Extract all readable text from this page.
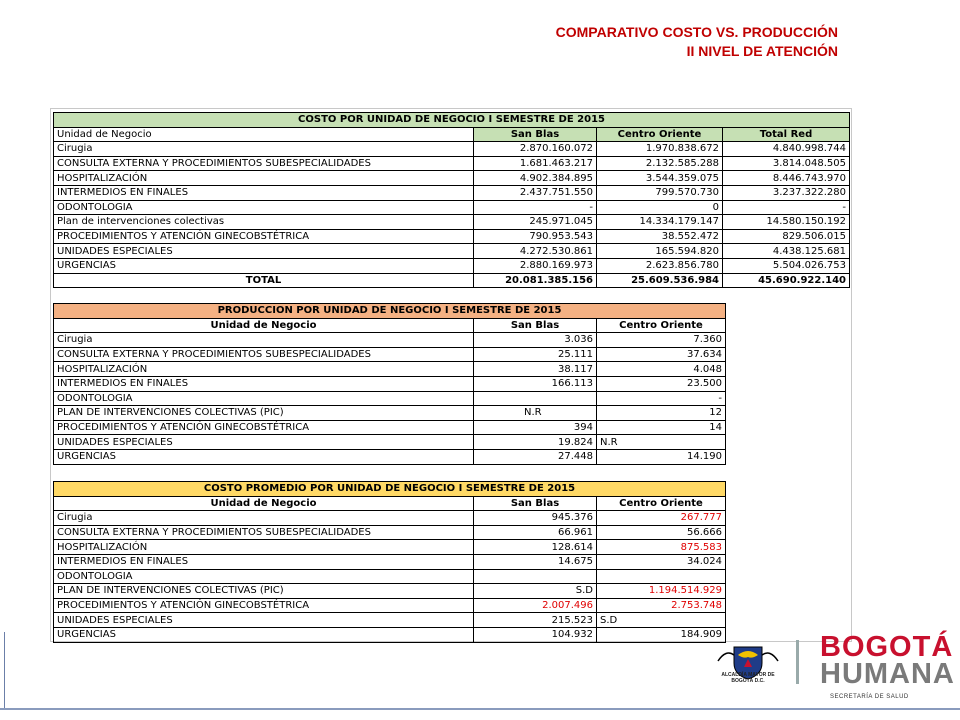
COMPARATIVO COSTO VS. PRODUCCIÓN
II NIVEL DE ATENCIÓN
COSTO POR UNIDAD DE NEGOCIO I SEMESTRE DE 2015			
Unidad de Negocio	San Blas	Centro Oriente	Total Red
Cirugia	2.870.160.072	1.970.838.672	4.840.998.744
CONSULTA EXTERNA Y PROCEDIMIENTOS SUBESPECIALIDADES	1.681.463.217	2.132.585.288	3.814.048.505
HOSPITALIZACIÓN	4.902.384.895	3.544.359.075	8.446.743.970
INTERMEDIOS EN FINALES	2.437.751.550	799.570.730	3.237.322.280
ODONTOLOGIA	-	0	-
Plan de intervenciones colectivas	245.971.045	14.334.179.147	14.580.150.192
PROCEDIMIENTOS Y ATENCIÓN GINECOBSTÉTRICA	790.953.543	38.552.472	829.506.015
UNIDADES ESPECIALES	4.272.530.861	165.594.820	4.438.125.681
URGENCIAS	2.880.169.973	2.623.856.780	5.504.026.753
TOTAL	20.081.385.156	25.609.536.984	45.690.922.140
PRODUCCION POR UNIDAD DE NEGOCIO I SEMESTRE DE 2015		
Unidad de Negocio	San Blas	Centro Oriente
Cirugia	3.036	7.360
CONSULTA EXTERNA Y PROCEDIMIENTOS SUBESPECIALIDADES	25.111	37.634
HOSPITALIZACIÓN	38.117	4.048
INTERMEDIOS EN FINALES	166.113	23.500
ODONTOLOGIA		-
PLAN DE INTERVENCIONES COLECTIVAS (PIC)	N.R	12
PROCEDIMIENTOS Y ATENCIÓN GINECOBSTÉTRICA	394	14
UNIDADES ESPECIALES	19.824	N.R
URGENCIAS	27.448	14.190
COSTO PROMEDIO POR UNIDAD DE NEGOCIO I SEMESTRE DE 2015		
Unidad de Negocio	San Blas	Centro Oriente
Cirugia	945.376	267.777
CONSULTA EXTERNA Y PROCEDIMIENTOS SUBESPECIALIDADES	66.961	56.666
HOSPITALIZACIÓN	128.614	875.583
INTERMEDIOS EN FINALES	14.675	34.024
ODONTOLOGIA		
PLAN DE INTERVENCIONES COLECTIVAS (PIC)	S.D	1.194.514.929
PROCEDIMIENTOS Y ATENCIÓN GINECOBSTÉTRICA	2.007.496	2.753.748
UNIDADES ESPECIALES	215.523	S.D
URGENCIAS	104.932	184.909
ALCALDÍA MAYOR DE BOGOTÁ D.C.
BOGOTÁ
HUMANA
SECRETARÍA DE SALUD
